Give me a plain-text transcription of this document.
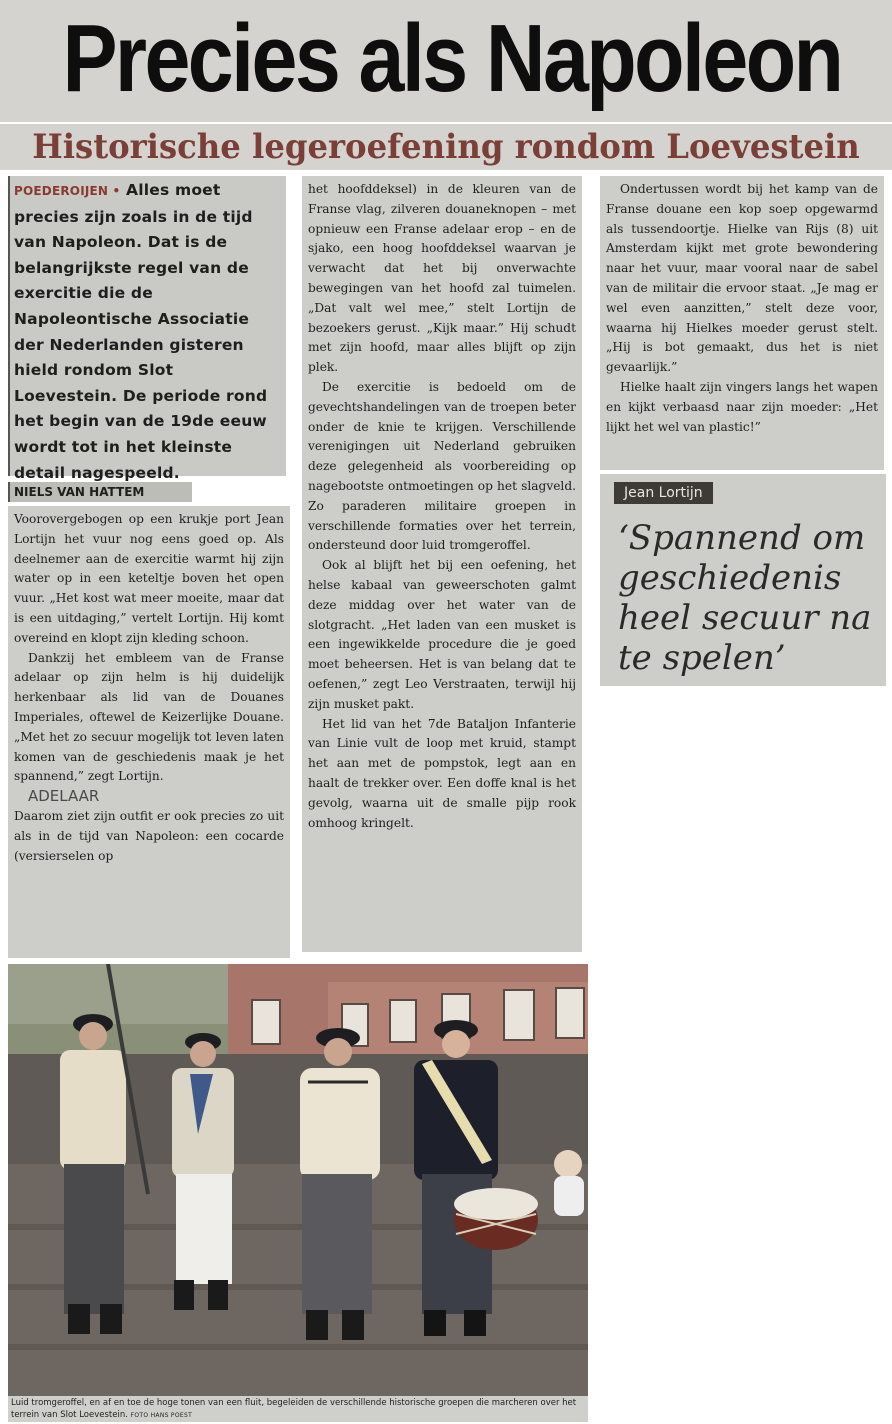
Precies als Napoleon
Historische legeroefening rondom Loevestein
POEDEROIJEN • Alles moet precies zijn zoals in de tijd van Napoleon. Dat is de belangrijkste regel van de exercitie die de Napoleontische Associatie der Nederlanden gisteren hield rondom Slot Loevestein. De periode rond het begin van de 19de eeuw wordt tot in het kleinste detail nagespeeld.
NIELS VAN HATTEM

Voorovergebogen op een krukje port Jean Lortijn het vuur nog eens goed op. Als deelnemer aan de exercitie warmt hij zijn water op in een keteltje boven het open vuur. „Het kost wat meer moeite, maar dat is een uitdaging,” vertelt Lortijn. Hij komt overeind en klopt zijn kleding schoon.

Dankzij het embleem van de Franse adelaar op zijn helm is hij duidelijk herkenbaar als lid van de Douanes Imperiales, oftewel de Keizerlijke Douane. „Met het zo secuur mogelijk tot leven laten komen van de geschiedenis maak je het spannend,” zegt Lortijn.

ADELAAR

Daarom ziet zijn outfit er ook precies zo uit als in de tijd van Napoleon: een cocarde (versierselen op

het hoofddeksel) in de kleuren van de Franse vlag, zilveren douaneknopen – met opnieuw een Franse adelaar erop – en de sjako, een hoog hoofddeksel waarvan je verwacht dat het bij onverwachte bewegingen van het hoofd zal tuimelen. „Dat valt wel mee,” stelt Lortijn de bezoekers gerust. „Kijk maar.” Hij schudt met zijn hoofd, maar alles blijft op zijn plek.

De exercitie is bedoeld om de gevechtshandelingen van de troepen beter onder de knie te krijgen. Verschillende verenigingen uit Nederland gebruiken deze gelegenheid als voorbereiding op nagebootste ontmoetingen op het slagveld. Zo paraderen militaire groepen in verschillende formaties over het terrein, ondersteund door luid tromgeroffel.

Ook al blijft het bij een oefening, het helse kabaal van geweerschoten galmt deze middag over het water van de slotgracht. „Het laden van een musket is een ingewikkelde procedure die je goed moet beheersen. Het is van belang dat te oefenen,” zegt Leo Verstraaten, terwijl hij zijn musket pakt.

Het lid van het 7de Bataljon Infanterie van Linie vult de loop met kruid, stampt het aan met de pompstok, legt aan en haalt de trekker over. Een doffe knal is het gevolg, waarna uit de smalle pijp rook omhoog kringelt.

Ondertussen wordt bij het kamp van de Franse douane een kop soep opgewarmd als tussendoortje. Hielke van Rijs (8) uit Amsterdam kijkt met grote bewondering naar het vuur, maar vooral naar de sabel van de militair die ervoor staat. „Je mag er wel even aanzitten,” stelt deze voor, waarna hij Hielkes moeder gerust stelt. „Hij is bot gemaakt, dus het is niet gevaarlijk.”

Hielke haalt zijn vingers langs het wapen en kijkt verbaasd naar zijn moeder: „Het lijkt het wel van plastic!”

Jean Lortijn
‘Spannend om geschiedenis heel secuur na te spelen’
Luid tromgeroffel, en af en toe de hoge tonen van een fluit, begeleiden de verschillende historische groepen die marcheren over het terrein van Slot Loevestein. FOTO HANS POEST
